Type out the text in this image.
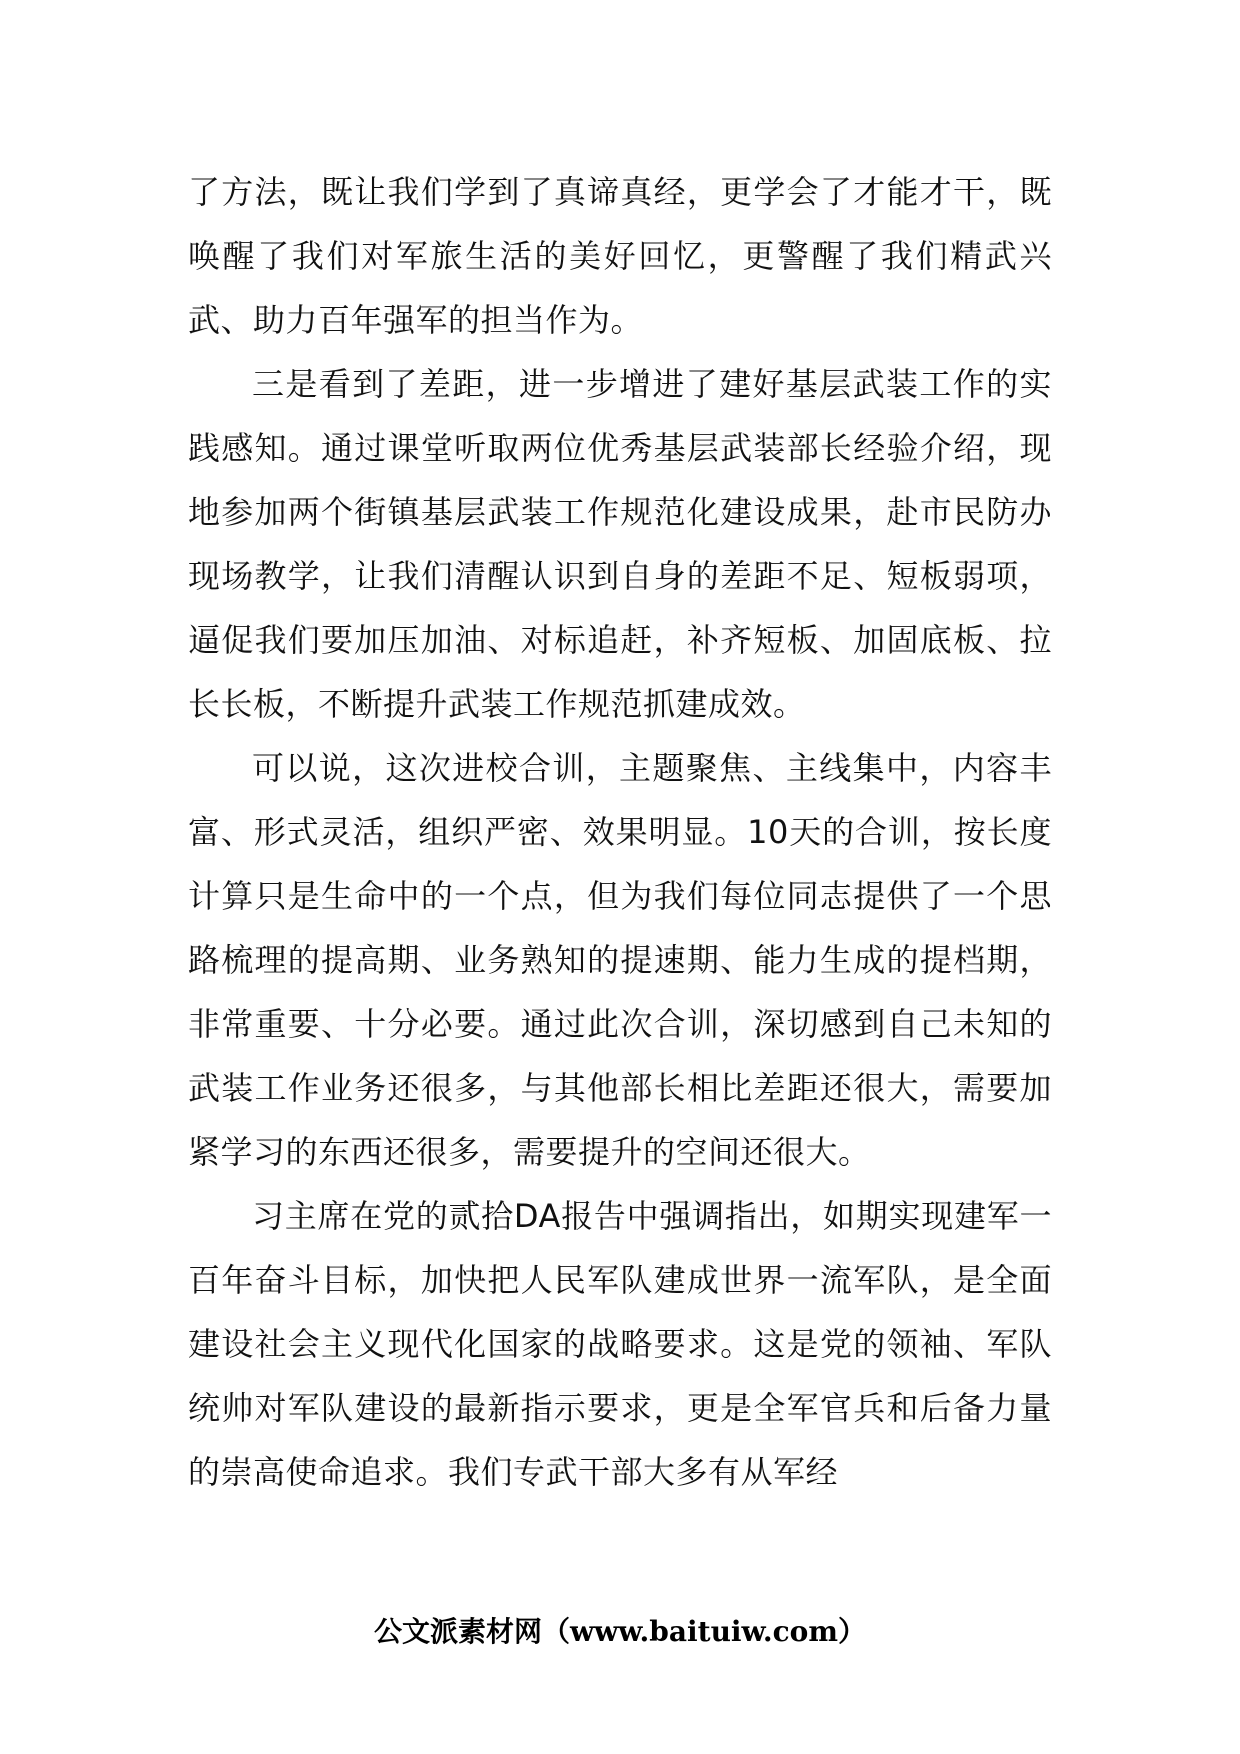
了方法，既让我们学到了真谛真经，更学会了才能才干，既唤醒了我们对军旅生活的美好回忆，更警醒了我们精武兴武、助力百年强军的担当作为。

三是看到了差距，进一步增进了建好基层武装工作的实践感知。通过课堂听取两位优秀基层武装部长经验介绍，现地参加两个街镇基层武装工作规范化建设成果，赴市民防办现场教学，让我们清醒认识到自身的差距不足、短板弱项，逼促我们要加压加油、对标追赶，补齐短板、加固底板、拉长长板，不断提升武装工作规范抓建成效。

可以说，这次进校合训，主题聚焦、主线集中，内容丰富、形式灵活，组织严密、效果明显。10天的合训，按长度计算只是生命中的一个点，但为我们每位同志提供了一个思路梳理的提高期、业务熟知的提速期、能力生成的提档期，非常重要、十分必要。通过此次合训，深切感到自己未知的武装工作业务还很多，与其他部长相比差距还很大，需要加紧学习的东西还很多，需要提升的空间还很大。

习主席在党的贰拾DA报告中强调指出，如期实现建军一百年奋斗目标，加快把人民军队建成世界一流军队，是全面建设社会主义现代化国家的战略要求。这是党的领袖、军队统帅对军队建设的最新指示要求，更是全军官兵和后备力量的崇高使命追求。我们专武干部大多有从军经

公文派素材网（www.baituiw.com）
